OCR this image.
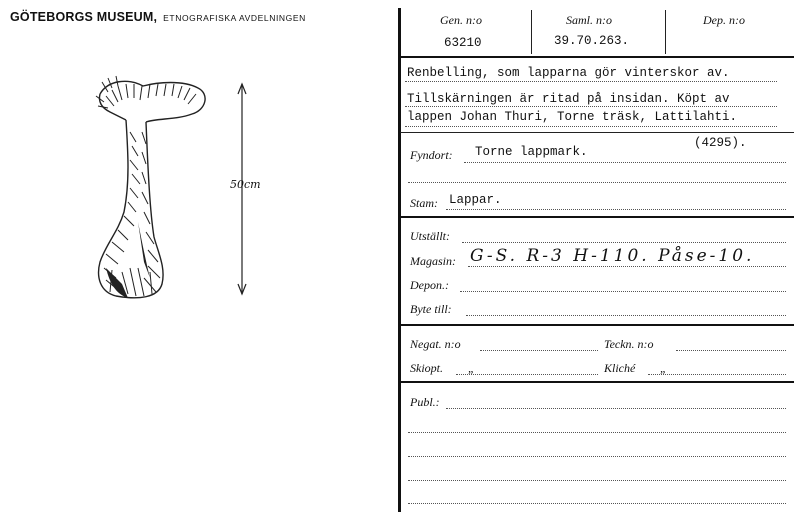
GÖTEBORGS MUSEUM, ETNOGRAFISKA AVDELNINGEN
50cm
Gen. n:o
63210
Saml. n:o
39.70.263.
Dep. n:o
Renbelling, som lapparna gör vinterskor av.
Tillskärningen är ritad på insidan. Köpt av
lappen Johan Thuri, Torne träsk, Lattilahti.
(4295).
Fyndort: Torne lappmark.
Stam: Lappar.
Utställt:
Magasin: G-S. R-3 H-110. Påse-10.
Depon.:
Byte till:
Negat. n:o	Teckn. n:o
Skiopt. „	Kliché „
Publ.:
